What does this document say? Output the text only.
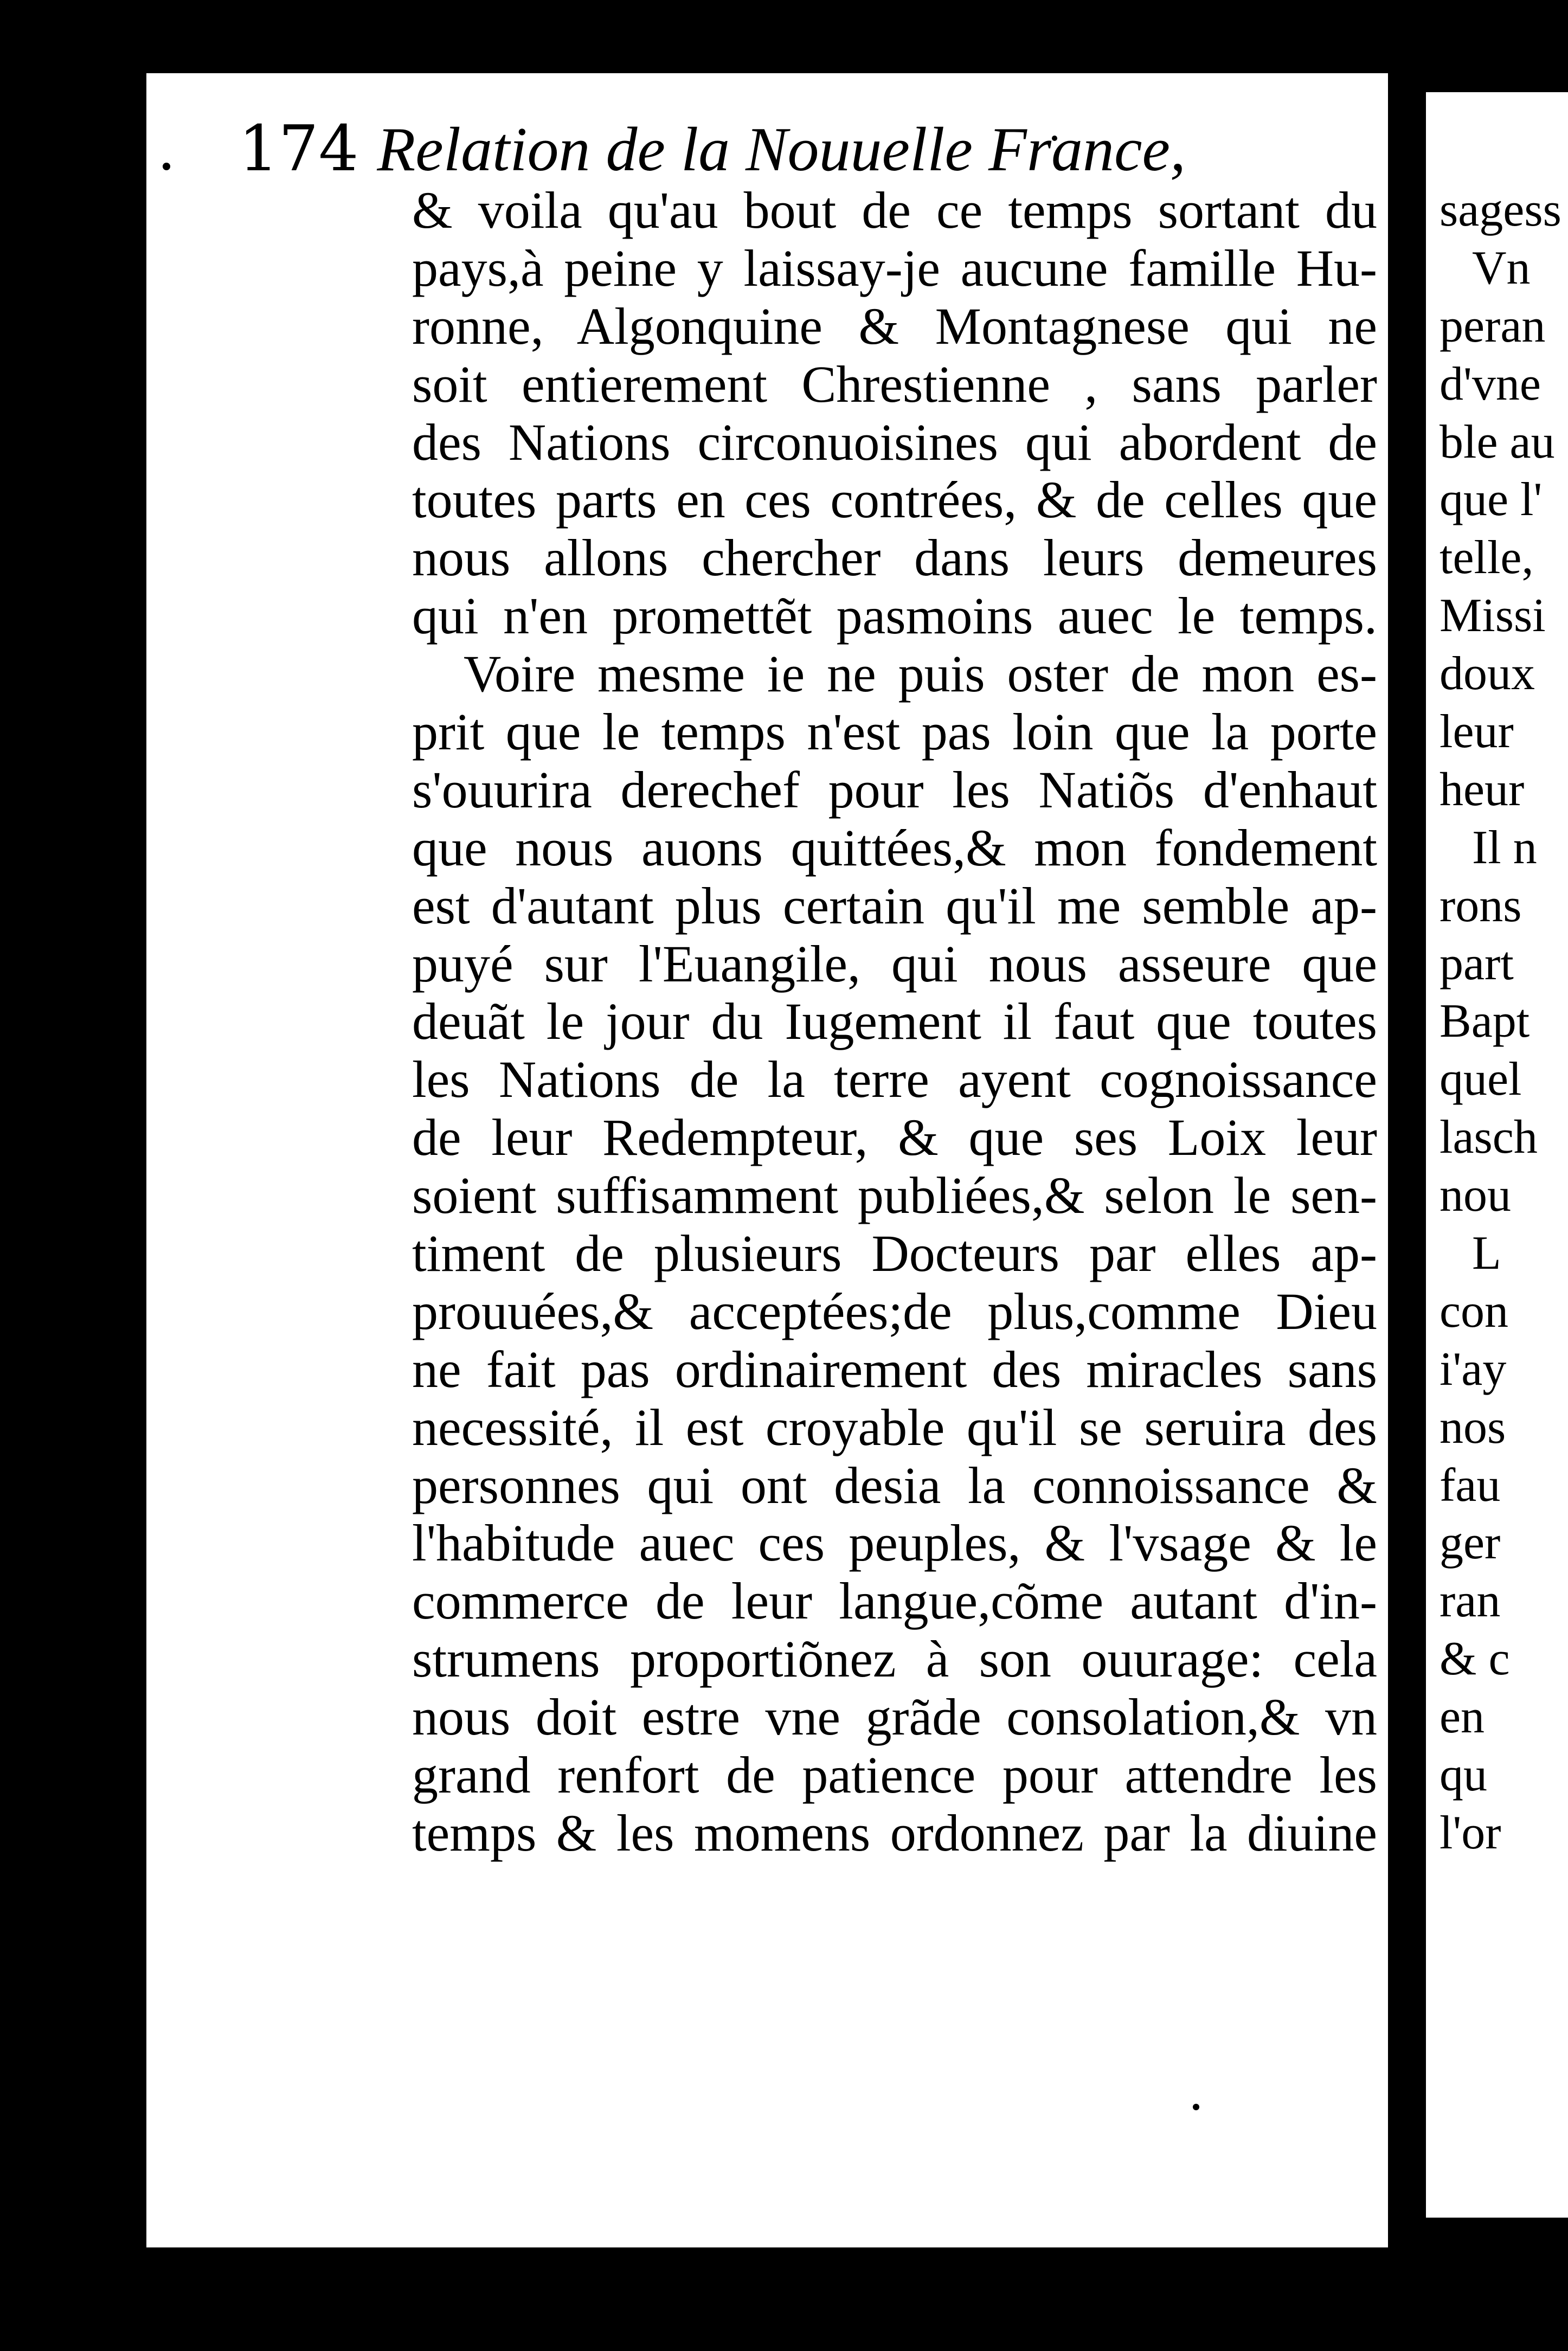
174 Relation de la Nouuelle France,
& voila qu'au bout de ce temps sortant du
pays,à peine y laissay-je aucune famille Hu-
ronne, Algonquine & Montagnese qui ne
soit entierement Chrestienne , sans parler
des Nations circonuoisines qui abordent de
toutes parts en ces contrées, & de celles que
nous allons chercher dans leurs demeures
qui n'en promettẽt pasmoins auec le temps.
Voire mesme ie ne puis oster de mon es-
prit que le temps n'est pas loin que la porte
s'ouurira derechef pour les Natiõs d'enhaut
que nous auons quittées,& mon fondement
est d'autant plus certain qu'il me semble ap-
puyé sur l'Euangile, qui nous asseure que
deuãt le jour du Iugement il faut que toutes
les Nations de la terre ayent cognoissance
de leur Redempteur, & que ses Loix leur
soient suffisamment publiées,& selon le sen-
timent de plusieurs Docteurs par elles ap-
prouuées,& acceptées;de plus,comme Dieu
ne fait pas ordinairement des miracles sans
necessité, il est croyable qu'il se seruira des
personnes qui ont desia la connoissance &
l'habitude auec ces peuples, & l'vsage & le
commerce de leur langue,cõme autant d'in-
strumens proportiõnez à son ouurage: cela
nous doit estre vne grãde consolation,& vn
grand renfort de patience pour attendre les
temps & les momens ordonnez par la diuine
sagess
Vn
peran
d'vne
ble au
que l'
telle,
Missi
doux
leur
heur
Il n
rons
part
Bapt
quel
lasch
nou
L
con
i'ay
nos
fau
ger
ran
& c
en
qu
l'or
